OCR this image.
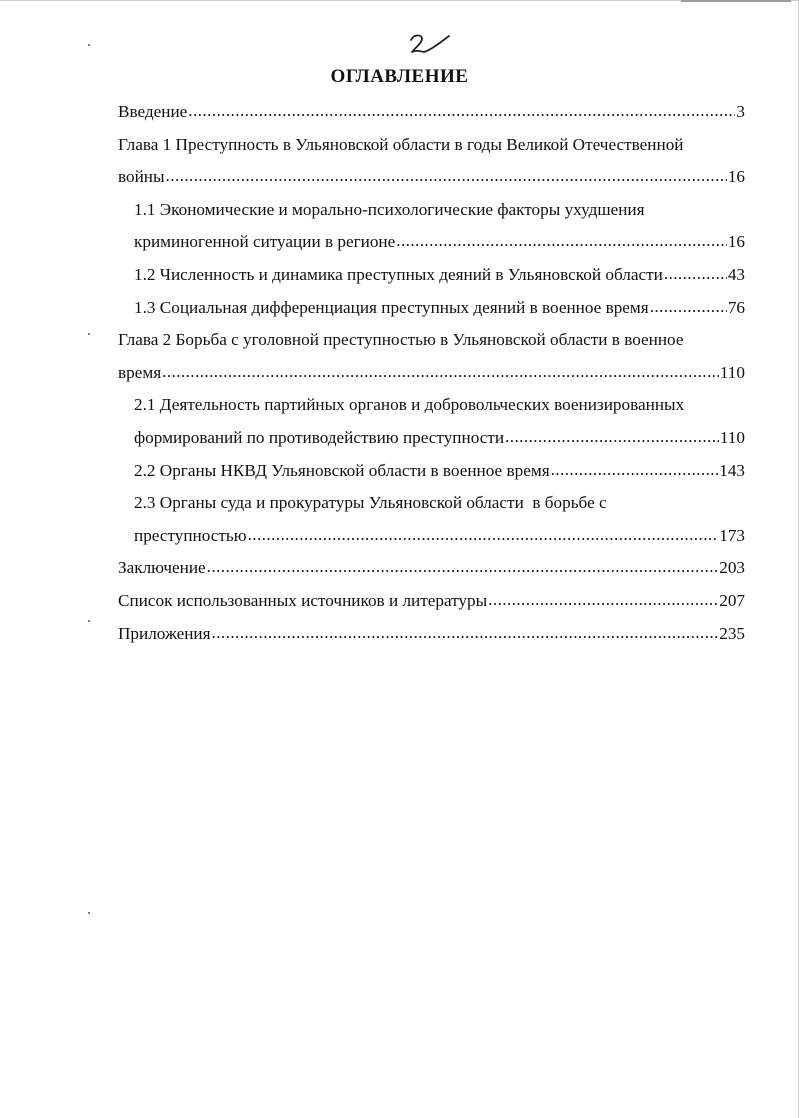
ОГЛАВЛЕНИЕ
Введение .....	3
Глава 1 Преступность в Ульяновской области в годы Великой Отечественной
войны .....	16
1.1 Экономические и морально-психологические факторы ухудшения
криминогенной ситуации в регионе .....	16
1.2 Численность и динамика преступных деяний в Ульяновской области .....	43
1.3 Социальная дифференциация преступных деяний в военное время .....	76
Глава 2 Борьба с уголовной преступностью в Ульяновской области в военное
время .....	110
2.1 Деятельность партийных органов и добровольческих военизированных
формирований по противодействию преступности .....	110
2.2 Органы НКВД Ульяновской области в военное время .....	143
2.3 Органы суда и прокуратуры Ульяновской области  в борьбе с
преступностью .....	173
Заключение .....	203
Список использованных источников и литературы .....	207
Приложения .....	235
